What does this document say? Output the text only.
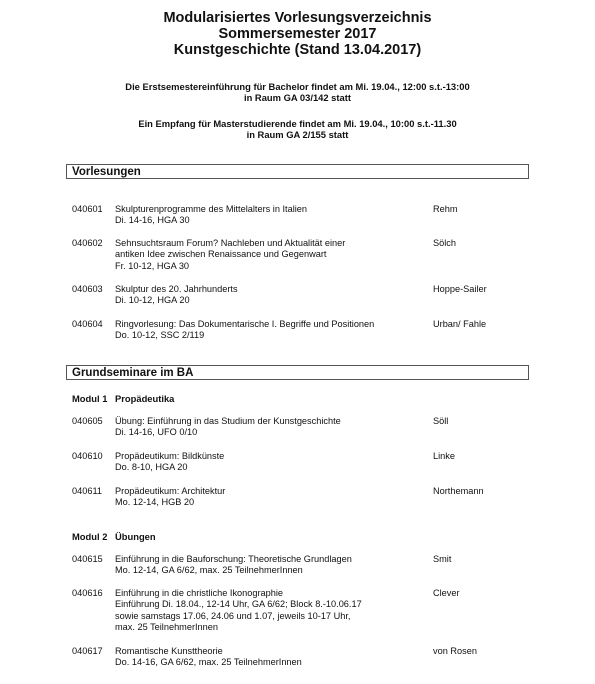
Modularisiertes Vorlesungsverzeichnis
Sommersemester 2017
Kunstgeschichte (Stand 13.04.2017)
Die Erstsemestereinführung für Bachelor findet am Mi. 19.04., 12:00 s.t.-13:00
in Raum GA 03/142 statt
Ein Empfang für Masterstudierende findet am Mi. 19.04., 10:00 s.t.-11.30
in Raum GA 2/155 statt
Vorlesungen
040601 Skulpturenprogramme des Mittelalters in Italien
Di. 14-16, HGA 30
Rehm
040602 Sehnsuchtsraum Forum? Nachleben und Aktualität einer
antiken Idee zwischen Renaissance und Gegenwart
Fr. 10-12, HGA 30
Sölch
040603 Skulptur des 20. Jahrhunderts
Di. 10-12, HGA 20
Hoppe-Sailer
040604 Ringvorlesung: Das Dokumentarische I. Begriffe und Positionen
Do. 10-12, SSC 2/119
Urban/ Fahle
Grundseminare im BA
Modul 1 Propädeutika
040605 Übung: Einführung in das Studium der Kunstgeschichte
Di. 14-16, UFO 0/10
Söll
040610 Propädeutikum: Bildkünste
Do. 8-10, HGA 20
Linke
040611 Propädeutikum: Architektur
Mo. 12-14, HGB 20
Northemann
Modul 2 Übungen
040615 Einführung in die Bauforschung: Theoretische Grundlagen
Mo. 12-14, GA 6/62, max. 25 TeilnehmerInnen
Smit
040616 Einführung in die christliche Ikonographie
Einführung Di. 18.04., 12-14 Uhr, GA 6/62; Block 8.-10.06.17
sowie samstags 17.06, 24.06 und 1.07, jeweils 10-17 Uhr,
max. 25 TeilnehmerInnen
Clever
040617 Romantische Kunsttheorie
Do. 14-16, GA 6/62, max. 25 TeilnehmerInnen
von Rosen
